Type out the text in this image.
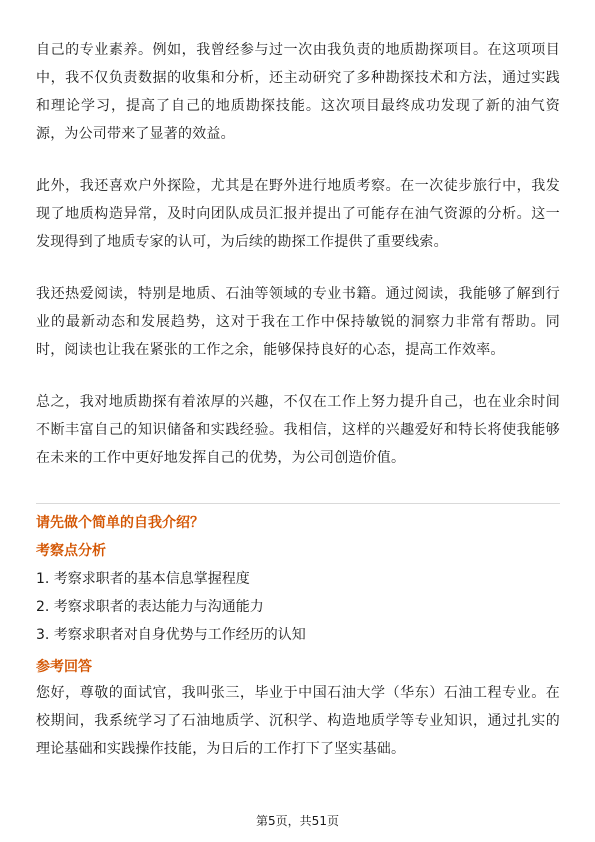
自己的专业素养。例如，我曾经参与过一次由我负责的地质勘探项目。在这项项目中，我不仅负责数据的收集和分析，还主动研究了多种勘探技术和方法，通过实践和理论学习，提高了自己的地质勘探技能。这次项目最终成功发现了新的油气资源，为公司带来了显著的效益。

此外，我还喜欢户外探险，尤其是在野外进行地质考察。在一次徒步旅行中，我发现了地质构造异常，及时向团队成员汇报并提出了可能存在油气资源的分析。这一发现得到了地质专家的认可，为后续的勘探工作提供了重要线索。

我还热爱阅读，特别是地质、石油等领域的专业书籍。通过阅读，我能够了解到行业的最新动态和发展趋势，这对于我在工作中保持敏锐的洞察力非常有帮助。同时，阅读也让我在紧张的工作之余，能够保持良好的心态，提高工作效率。

总之，我对地质勘探有着浓厚的兴趣，不仅在工作上努力提升自己，也在业余时间不断丰富自己的知识储备和实践经验。我相信，这样的兴趣爱好和特长将使我能够在未来的工作中更好地发挥自己的优势，为公司创造价值。

请先做个简单的自我介绍？
考察点分析
1. 考察求职者的基本信息掌握程度
2. 考察求职者的表达能力与沟通能力
3. 考察求职者对自身优势与工作经历的认知
参考回答

您好，尊敬的面试官，我叫张三，毕业于中国石油大学（华东）石油工程专业。在校期间，我系统学习了石油地质学、沉积学、构造地质学等专业知识，通过扎实的理论基础和实践操作技能，为日后的工作打下了坚实基础。

第5页，共51页
